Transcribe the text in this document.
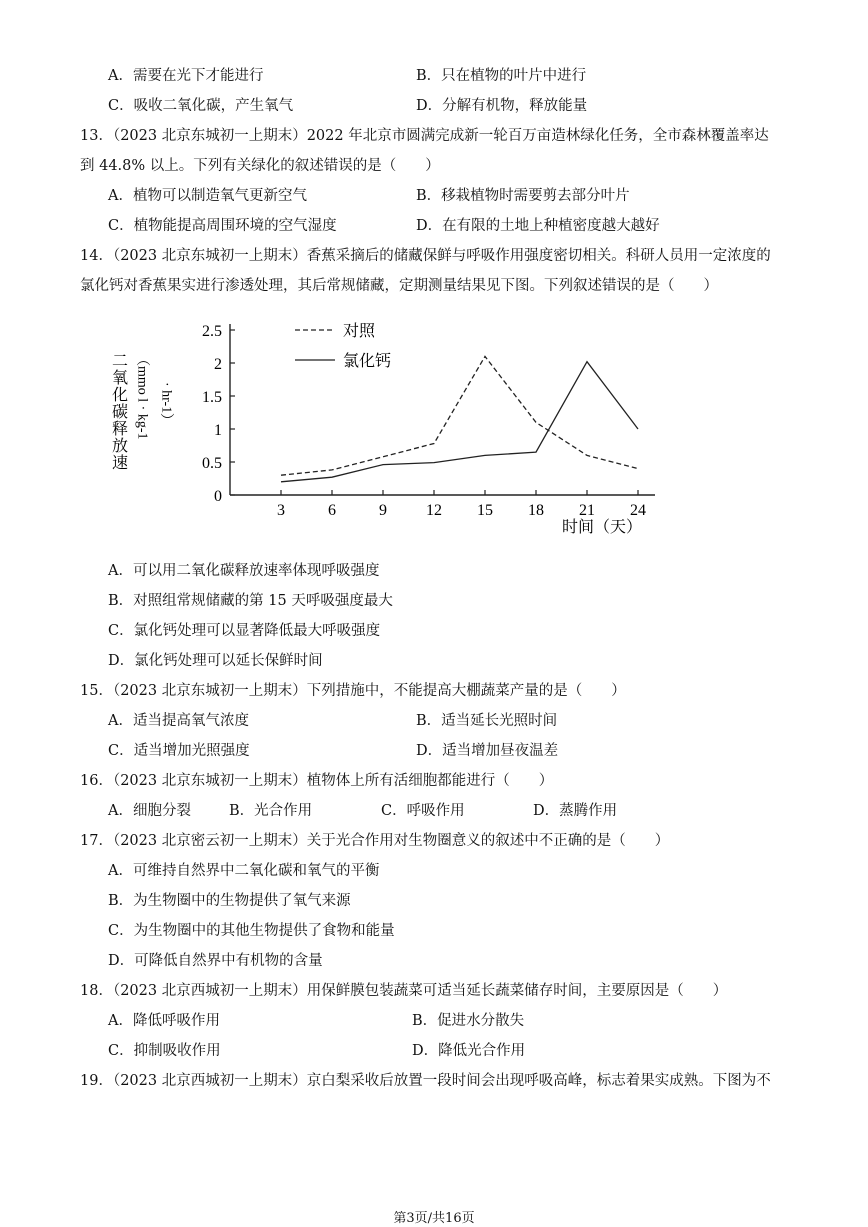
A．需要在光下才能进行	B．只在植物的叶片中进行
C．吸收二氧化碳，产生氧气	D．分解有机物，释放能量
13．（2023 北京东城初一上期末）2022 年北京市圆满完成新一轮百万亩造林绿化任务，全市森林覆盖率达
到 44.8% 以上。下列有关绿化的叙述错误的是（　　）
A．植物可以制造氧气更新空气	B．移栽植物时需要剪去部分叶片
C．植物能提高周围环境的空气湿度	D．在有限的土地上种植密度越大越好
14．（2023 北京东城初一上期末）香蕉采摘后的储藏保鲜与呼吸作用强度密切相关。科研人员用一定浓度的
氯化钙对香蕉果实进行渗透处理，其后常规储藏，定期测量结果见下图。下列叙述错误的是（　　）
二氧化碳释放速 （mmo l · kg-1 · hr-1）
0
0.5
1
1.5
2
2.5
3	6	9 12 15 18 21 24
对照
氯化钙
时间（天）
A．可以用二氧化碳释放速率体现呼吸强度
B．对照组常规储藏的第 15 天呼吸强度最大
C．氯化钙处理可以显著降低最大呼吸强度
D．氯化钙处理可以延长保鲜时间
15．（2023 北京东城初一上期末）下列措施中，不能提高大棚蔬菜产量的是（　　）
A．适当提高氧气浓度	B．适当延长光照时间
C．适当增加光照强度	D．适当增加昼夜温差
16．（2023 北京东城初一上期末）植物体上所有活细胞都能进行（　　）
A．细胞分裂	B．光合作用	C．呼吸作用	D．蒸腾作用
17．（2023 北京密云初一上期末）关于光合作用对生物圈意义的叙述中不正确的是（　　）
A．可维持自然界中二氧化碳和氧气的平衡
B．为生物圈中的生物提供了氧气来源
C．为生物圈中的其他生物提供了食物和能量
D．可降低自然界中有机物的含量
18．（2023 北京西城初一上期末）用保鲜膜包装蔬菜可适当延长蔬菜储存时间，主要原因是（　　）
A．降低呼吸作用	B．促进水分散失
C．抑制吸收作用	D．降低光合作用
19．（2023 北京西城初一上期末）京白梨采收后放置一段时间会出现呼吸高峰，标志着果实成熟。下图为不
第3页/共16页
